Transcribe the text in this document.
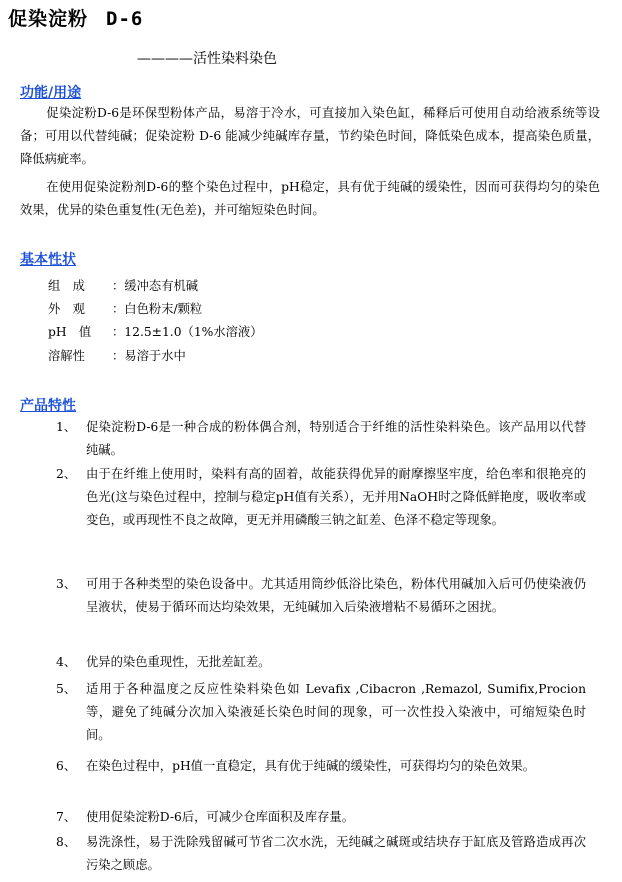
促染淀粉 D-6
————活性染料染色
功能/用途
促染淀粉D-6是环保型粉体产品，易溶于冷水，可直接加入染色缸，稀释后可使用自动给液系统等设备；可用以代替纯碱；促染淀粉 D-6 能减少纯碱库存量，节约染色时间，降低染色成本，提高染色质量，降低病疵率。
在使用促染淀粉剂D-6的整个染色过程中，pH稳定，具有优于纯碱的缓染性，因而可获得均匀的染色效果，优异的染色重复性(无色差)，并可缩短染色时间。
基本性状
组　成 ：缓冲态有机碱
外　观 ：白色粉末/颗粒
pH　值 ：12.5±1.0（1%水溶液）
溶解性 ：易溶于水中
产品特性
1、 促染淀粉D-6是一种合成的粉体偶合剂，特别适合于纤维的活性染料染色。该产品用以代替纯碱。
2、 由于在纤维上使用时，染料有高的固着，故能获得优异的耐摩擦坚牢度，给色率和很艳亮的色光(这与染色过程中，控制与稳定pH值有关系），无并用NaOH时之降低鲜艳度，吸收率或变色，或再现性不良之故障，更无并用磷酸三钠之缸差、色泽不稳定等现象。
3、 可用于各种类型的染色设备中。尤其适用筒纱低浴比染色，粉体代用碱加入后可仍使染液仍呈液状，使易于循环而达均染效果，无纯碱加入后染液增粘不易循环之困扰。
4、 优异的染色重现性，无批差缸差。
5、 适用于各种温度之反应性染料染色如 Levafix ,Cibacron ,Remazol, Sumifix,Procion等，避免了纯碱分次加入染液延长染色时间的现象，可一次性投入染液中，可缩短染色时间。
6、 在染色过程中，pH值一直稳定，具有优于纯碱的缓染性，可获得均匀的染色效果。
7、 使用促染淀粉D-6后，可减少仓库面积及库存量。
8、 易洗涤性，易于洗除残留碱可节省二次水洗，无纯碱之碱斑或结块存于缸底及管路造成再次污染之顾虑。
